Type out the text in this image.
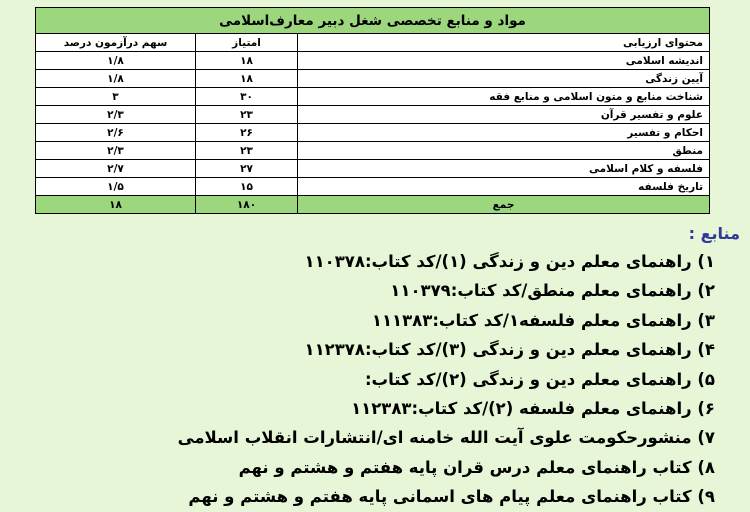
مواد و منابع تخصصی شغل دبیر معارف‌اسلامی		
محتوای ارزیابی	امتیاز	سهم درآزمون درصد
اندیشه اسلامی	۱۸	۱/۸
آیین زندگی	۱۸	۱/۸
شناخت منابع و متون اسلامی و منابع فقه	۳۰	۳
علوم و تفسیر قرآن	۲۳	۲/۳
احکام و تفسیر	۲۶	۲/۶
منطق	۲۳	۲/۳
فلسفه و کلام اسلامی	۲۷	۲/۷
تاریخ فلسفه	۱۵	۱/۵
جمع	۱۸۰	۱۸
منابع :
۱) راهنمای معلم دین و زندگی (۱)/کد کتاب:۱۱۰۳۷۸
۲) راهنمای معلم منطق/کد کتاب:۱۱۰۳۷۹
۳) راهنمای معلم فلسفه۱/کد کتاب:۱۱۱۳۸۳
۴) راهنمای معلم دین و زندگی (۳)/کد کتاب:۱۱۲۳۷۸
۵) راهنمای معلم دین و زندگی (۲)/کد کتاب:
۶) راهنمای معلم فلسفه (۲)/کد کتاب:۱۱۲۳۸۳
۷) منشورحکومت علوی آیت الله خامنه ای/انتشارات انقلاب اسلامی
۸) کتاب راهنمای معلم درس قران پایه هفتم و هشتم و نهم
۹) کتاب راهنمای معلم پیام های اسمانی پایه هفتم و هشتم و نهم
